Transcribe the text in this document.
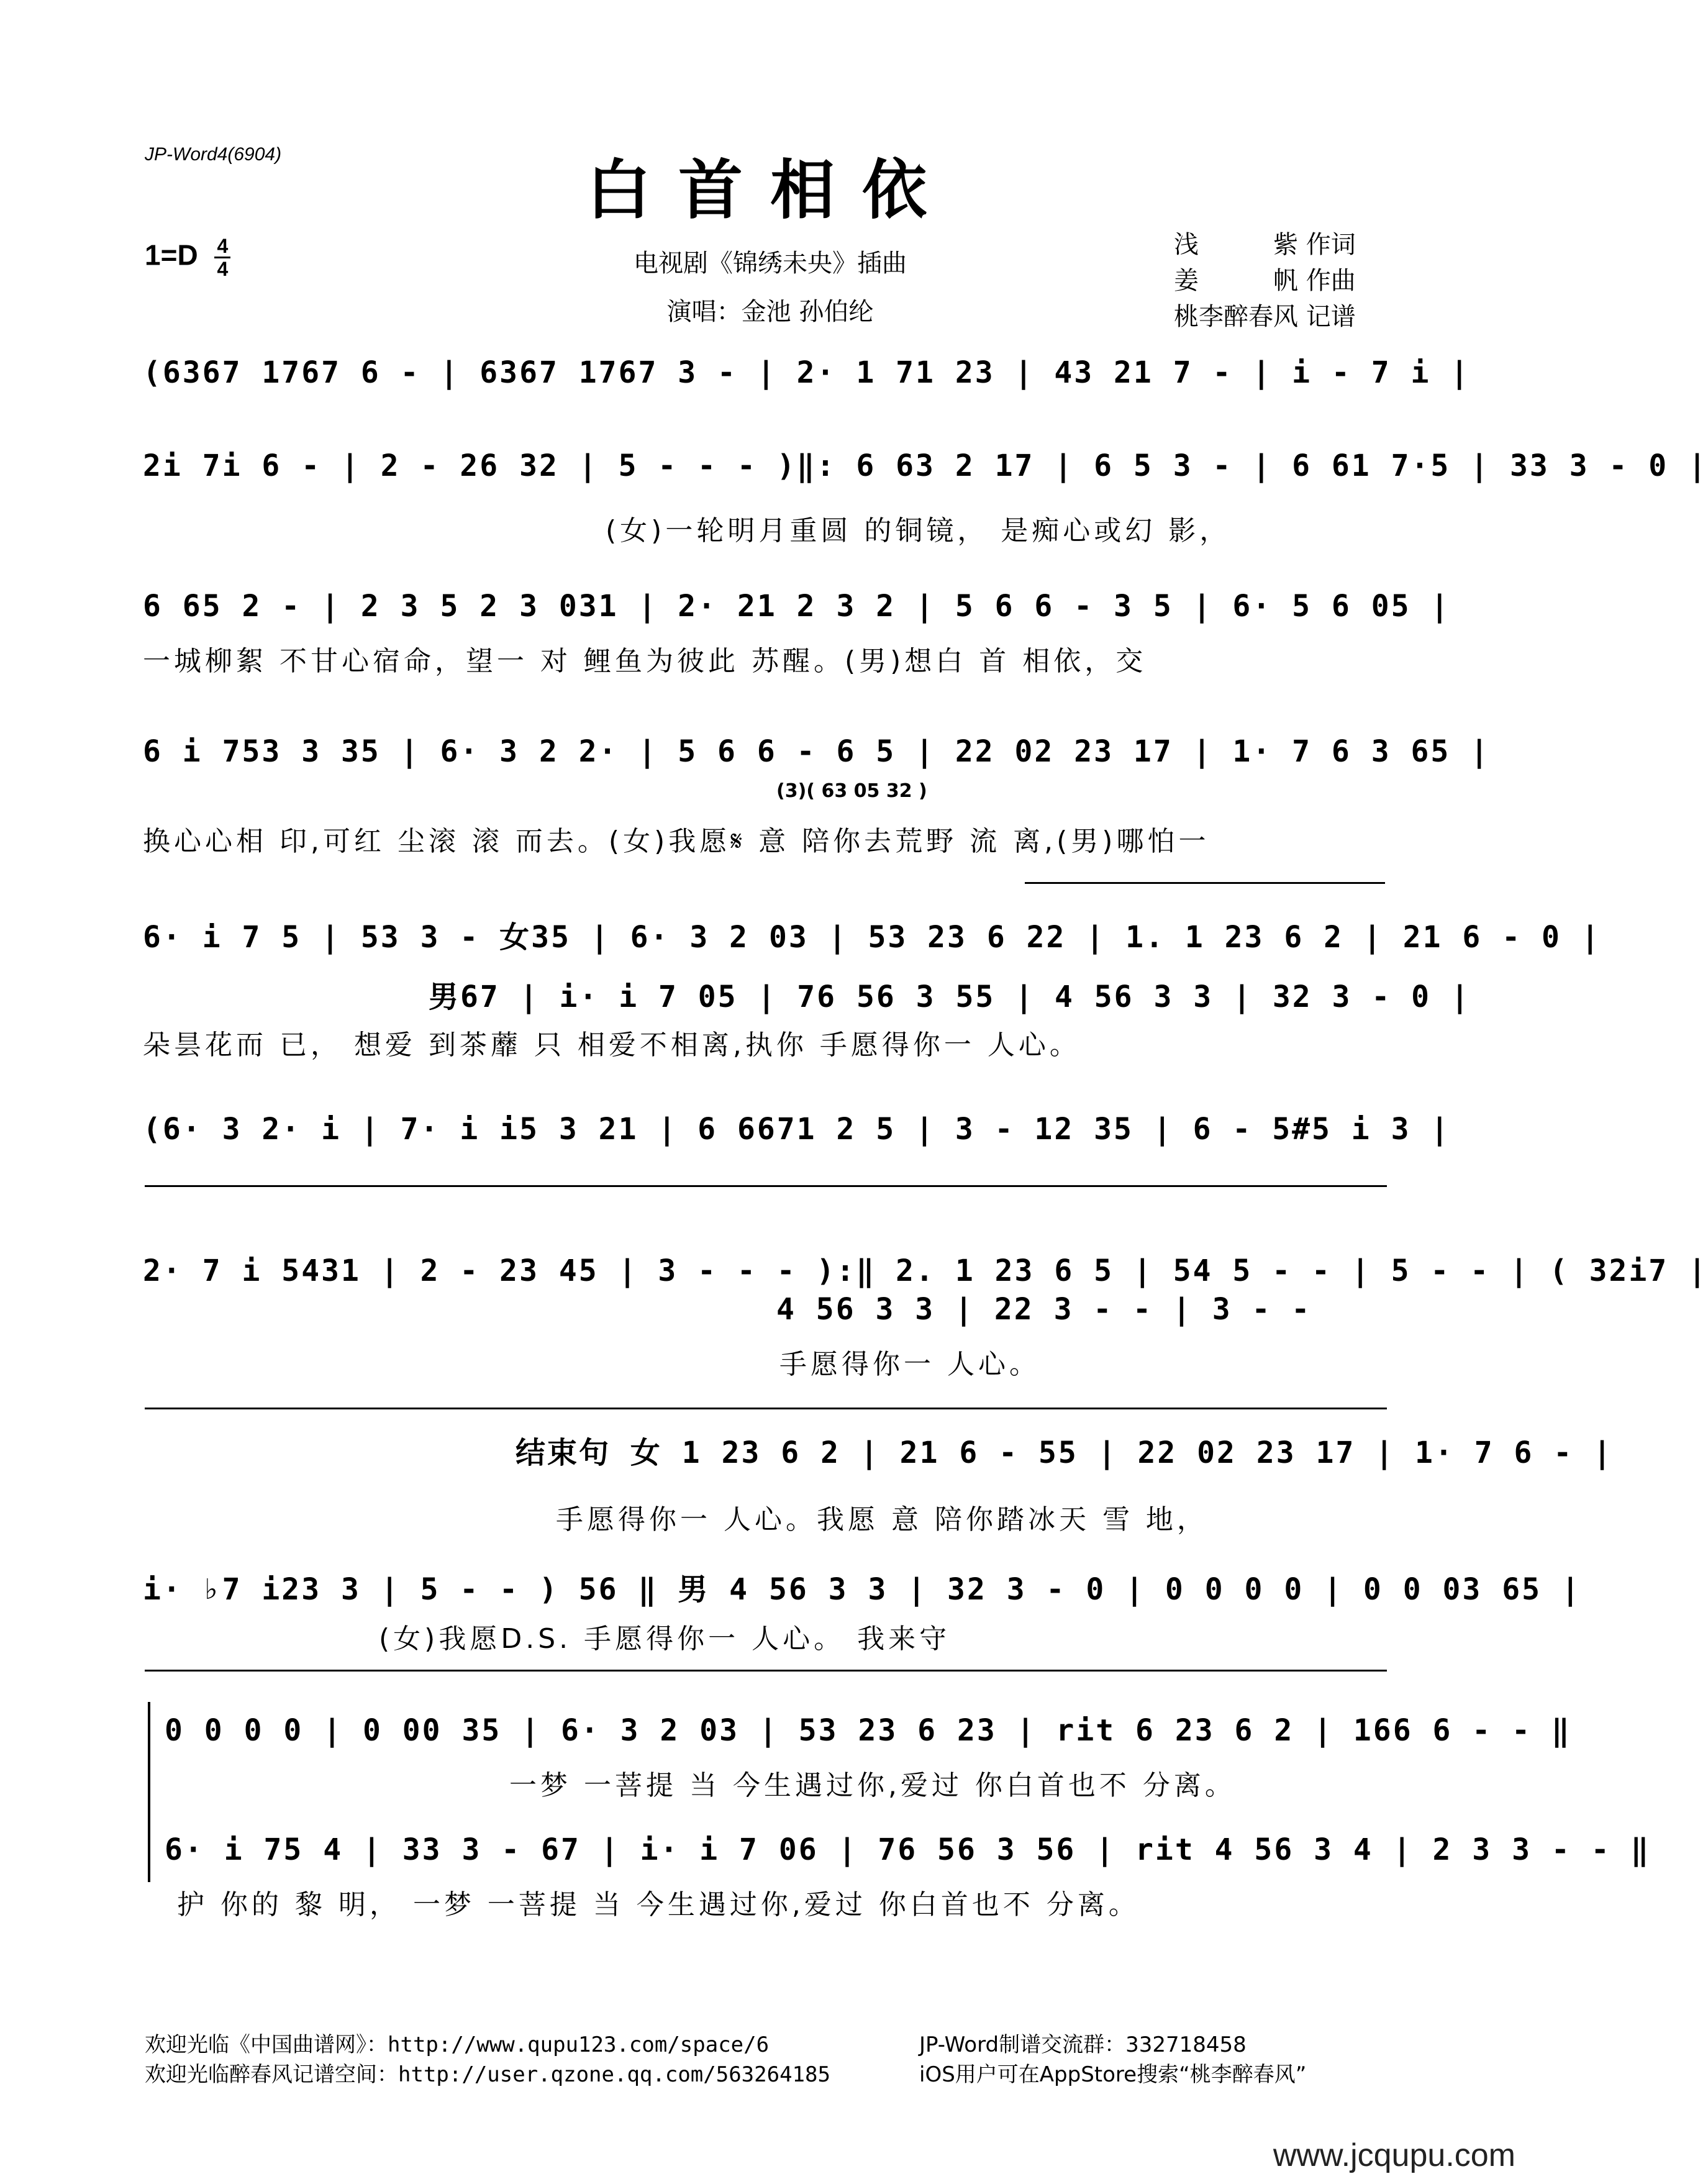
JP-Word4(6904)	白首相依
$1=D \frac{4}{4}$	电视剧《锦绣未央》插曲
演唱：金池 孙伯纶
浅 紫 作词
姜 帆 作曲
桃李醉春风 记谱
(6367 1767 6 - | 6367 1767 3 - | 2· 1 71 23 | 43 21 7 - | i - 7 i |
2i 7i 6 - | 2 - 26 32 | 5 - - - )‖: 6 63 2 17 | 6 5 3 - | 6 61 7·5 | 33 3 - 0 |
(女)一轮明月重圆 的铜镜， 是痴心或幻 影，
6 65 2 - | 2 3 5 2 3 031 | 2· 21 2 3 2 | 5 6 6 - 3 5 | 6· 5 6 05 |
一城柳絮 不甘心宿命，望一 对 鲤鱼为彼此 苏醒。(男)想白 首 相依，交
6 i 753 3 35 | 6· 3 2 2· | 5 6 6 - 6 5 | 22 02 23 17 | 1· 7 6 3 65 |
(3)( 63 05 32 )
换心心相 印,可红 尘滚 滚 而去。(女)我愿𝄋 意 陪你去荒野 流 离,(男)哪怕一
6· i 7 5 | 53 3 - 女35 | 6· 3 2 03 | 53 23 6 22 | 1. 1 23 6 2 | 21 6 - 0 |
男67 | i· i 7 05 | 76 56 3 55 | 4 56 3 3 | 32 3 - 0 |
朵昙花而 已， 想爱 到茶蘼 只 相爱不相离,执你 手愿得你一 人心。
(6· 3 2· i | 7· i i5 3 21 | 6 6671 2 5 | 3 - 12 35 | 6 - 5#5 i 3 |
2· 7 i 5431 | 2 - 23 45 | 3 - - - ):‖ 2. 1 23 6 5 | 54 5 - - | 5 - - | ( 32i7 |
4 56 3 3 | 22 3 - - | 3 - -
手愿得你一 人心。
结束句 女 1 23 6 2 | 21 6 - 55 | 22 02 23 17 | 1· 7 6 - |
手愿得你一 人心。我愿 意 陪你踏冰天 雪 地，
i· ♭7 i23 3 | 5 - - ) 56 ‖ 男 4 56 3 3 | 32 3 - 0 | 0 0 0 0 | 0 0 03 65 |
(女)我愿D.S. 手愿得你一 人心。 我来守
0 0 0 0 | 0 00 35 | 6· 3 2 03 | 53 23 6 23 | rit 6 23 6 2 | 166 6 - - ‖
一梦 一菩提 当 今生遇过你,爱过 你白首也不 分离。
6· i 75 4 | 33 3 - 67 | i· i 7 06 | 76 56 3 56 | rit 4 56 3 4 | 2 3 3 - - ‖
护 你的 黎 明， 一梦 一菩提 当 今生遇过你,爱过 你白首也不 分离。
欢迎光临《中国曲谱网》：http://www.qupu123.com/space/6
欢迎光临醉春风记谱空间：http://user.qzone.qq.com/563264185
JP-Word制谱交流群：332718458
iOS用户可在AppStore搜索“桃李醉春风”
www.jcqupu.com
